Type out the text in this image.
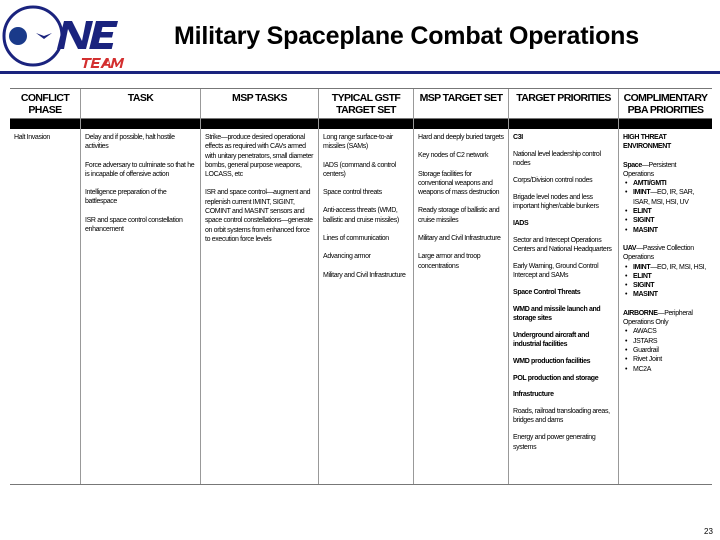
Military Spaceplane Combat Operations
CONFLICT PHASE
Halt Invasion
TASK
Delay and if possible, halt hostile activities
Force adversary to culminate so that he is incapable of offensive action
Intelligence preparation of the battlespace
ISR and space control constellation enhancement
MSP TASKS
Strike—produce desired operational effects as required with CAVs armed with unitary penetrators, small diameter bombs, general purpose weapons, LOCASS, etc
ISR and space control—augment and replenish current IMINT, SIGINT, COMINT and MASINT sensors and space control constellations—generate on orbit systems from enhanced force to execution force levels
TYPICAL GSTF TARGET SET
Long range surface-to-air missiles (SAMs)
IADS (command & control centers)
Space control threats
Anti-access threats (WMD, ballistic and cruise missiles)
Lines of communication
Advancing armor
Military and Civil Infrastructure
MSP TARGET SET
Hard and deeply buried targets
Key nodes of C2 network
Storage facilities for conventional weapons and weapons of mass destruction
Ready storage of ballistic and cruise missiles
Military and Civil Infrastructure
Large armor and troop concentrations
TARGET PRIORITIES
C3I
National level leadership control nodes
Corps/Division control nodes
Brigade level nodes and less important higher/cable bunkers
IADS
Sector and Intercept Operations Centers and National Headquarters
Early Warning, Ground Control Intercept and SAMs
Space Control Threats
WMD and missile launch and storage sites
Underground aircraft and industrial facilities
WMD production facilities
POL production and storage
Infrastructure
Roads, railroad transloading areas, bridges and dams
Energy and power generating systems
COMPLIMENTARY PBA PRIORITIES
HIGH THREAT ENVIRONMENT
Space—Persistent Operations
• AMTI/GMTI
• IMINT—EO, IR, SAR, ISAR, MSI, HSI, UV
• ELINT
• SIGINT
• MASINT
UAV—Passive Collection Operations
• IMINT—EO, IR, MSI, HSI,
• ELINT
• SIGINT
• MASINT
AIRBORNE—Peripheral Operations Only
• AWACS
• JSTARS
• Guardrail
• Rivet Joint
• MC2A
23
